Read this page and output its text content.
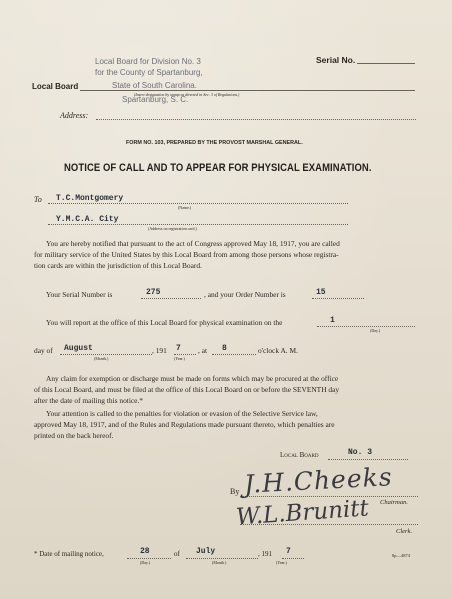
Local Board for Division No. 3
for the County of Spartanburg,
Serial No.
Local Board	State of South Carolina.
(Insert designation by stamp as directed in Sec. 3 of Regulations.)
Spartanburg, S. C.
Address:
FORM NO. 103, PREPARED BY THE PROVOST MARSHAL GENERAL.
NOTICE OF CALL AND TO APPEAR FOR PHYSICAL EXAMINATION.
To T.C.Montgomery
(Name.)
Y.M.C.A. City
(Address on registration card.)
You are hereby notified that pursuant to the act of Congress approved May 18, 1917, you are called
for military service of the United States by this Local Board from among those persons whose registra-
tion cards are within the jurisdiction of this Local Board.
Your Serial Number is	275	, and your Order Number is	15
You will report at the office of this Local Board for physical examination on the	1
(Day.)
day of August
(Month.)
, 191 7
(Year.)
, at 8	o'clock A. M.
Any claim for exemption or discharge must be made on forms which may be procured at the office
of this Local Board, and must be filed at the office of this Local Board on or before the SEVENTH day
after the date of mailing this notice.*
Your attention is called to the penalties for violation or evasion of the Selective Service law,
approved May 18, 1917, and of the Rules and Regulations made pursuant thereto, which penalties are
printed on the back hereof.
Local Board	No. 3
By J.H.Cheeks
Chairman.
W.L.Brunitt
Clerk.
* Date of mailing notice,	28
(Day.)
of July
(Month.)
, 191 7
(Year.)
8p—4874
